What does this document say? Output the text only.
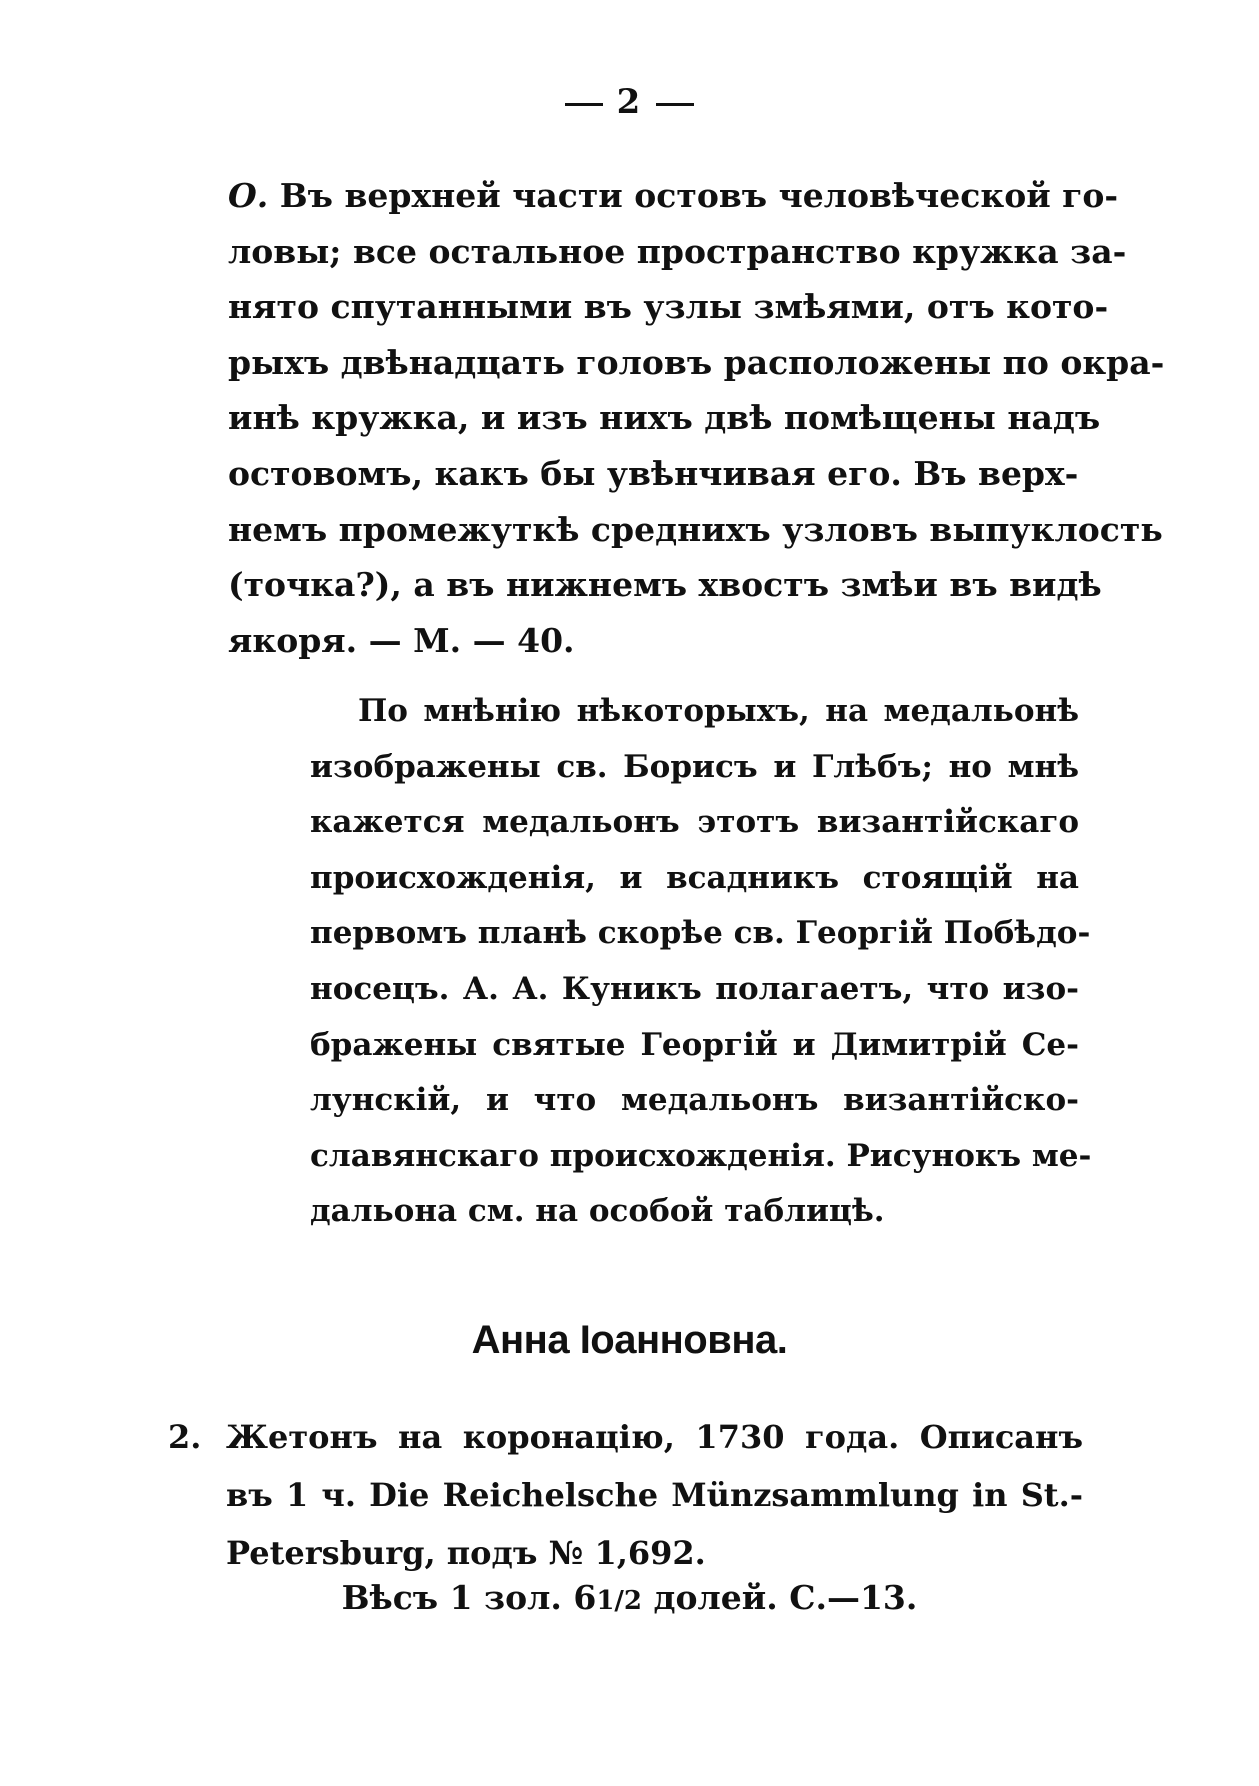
2
О. Въ верхней части остовъ человѣческой го-
ловы; все остальное пространство кружка за-
нято спутанными въ узлы змѣями, отъ кото-
рыхъ двѣнадцать головъ расположены по окра-
инѣ кружка, и изъ нихъ двѣ помѣщены надъ
остовомъ, какъ бы увѣнчивая его. Въ верх-
немъ промежуткѣ среднихъ узловъ выпуклость
(точка?), а въ нижнемъ хвостъ змѣи въ видѣ
якоря. — М. — 40.
По мнѣнію нѣкоторыхъ, на медальонѣ
изображены св. Борисъ и Глѣбъ; но мнѣ
кажется медальонъ этотъ византійскаго
происхожденія, и всадникъ стоящій на
первомъ планѣ скорѣе св. Георгій Побѣдо-
носецъ. А. А. Куникъ полагаетъ, что изо-
бражены святые Георгій и Димитрій Се-
лунскій, и что медальонъ византійско-
славянскаго происхожденія. Рисунокъ ме-
дальона см. на особой таблицѣ.
Анна Іоанновна.
2. Жетонъ на коронацію, 1730 года. Описанъ
въ 1 ч. Die Reichelsche Münzsammlung in St.-
Petersburg, подъ № 1,692.
Вѣсъ 1 зол. 61/2 долей. С.—13.
